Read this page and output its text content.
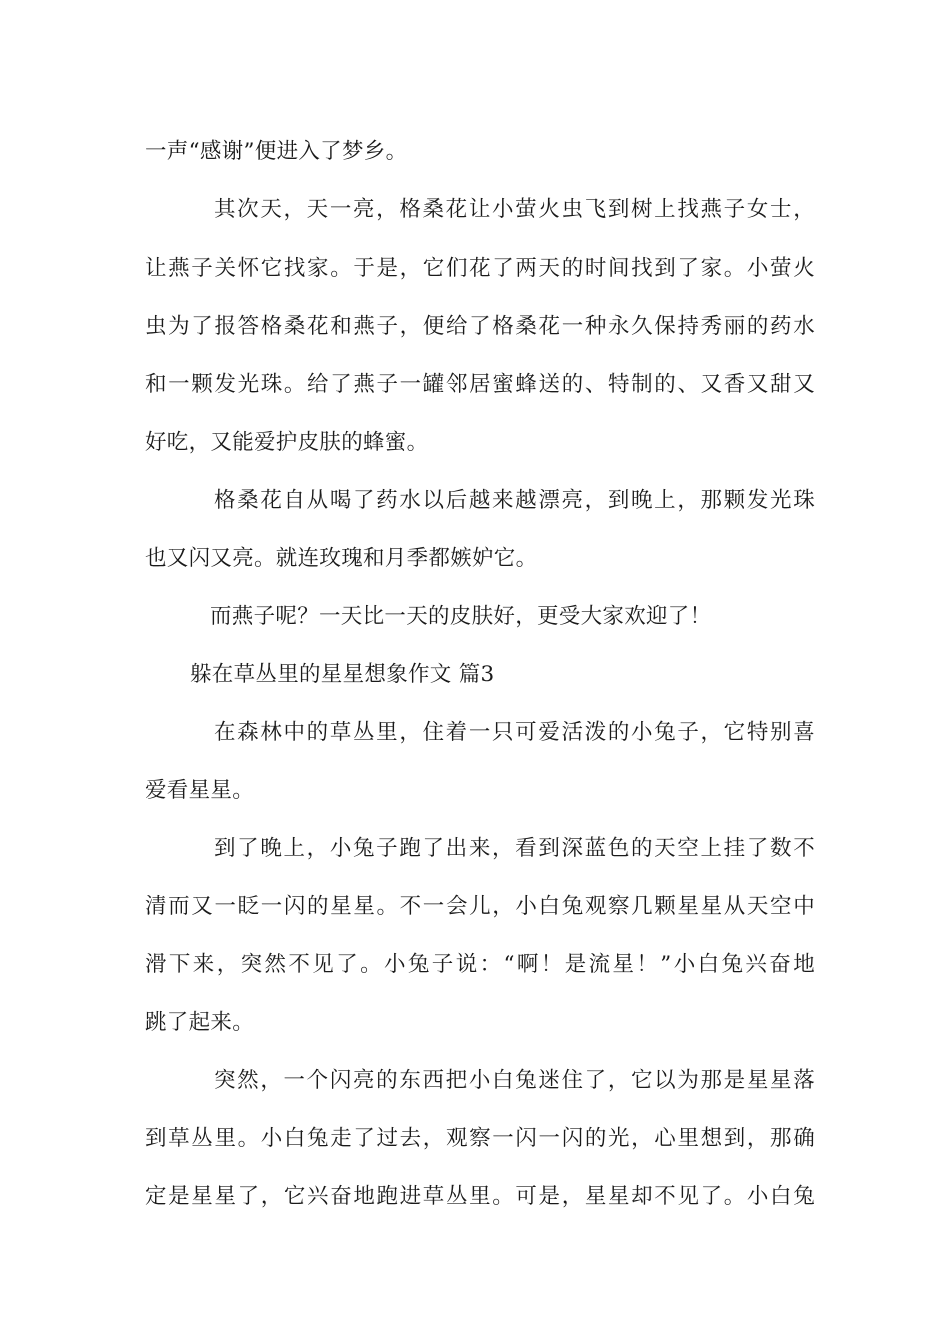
一声“感谢”便进入了梦乡。
其次天，天一亮，格桑花让小萤火虫飞到树上找燕子女士，
让燕子关怀它找家。于是，它们花了两天的时间找到了家。小萤火
虫为了报答格桑花和燕子，便给了格桑花一种永久保持秀丽的药水
和一颗发光珠。给了燕子一罐邻居蜜蜂送的、特制的、又香又甜又
好吃，又能爱护皮肤的蜂蜜。
格桑花自从喝了药水以后越来越漂亮，到晚上，那颗发光珠
也又闪又亮。就连玫瑰和月季都嫉妒它。
而燕子呢？一天比一天的皮肤好，更受大家欢迎了！
躲在草丛里的星星想象作文 篇3
在森林中的草丛里，住着一只可爱活泼的小兔子，它特别喜
爱看星星。
到了晚上，小兔子跑了出来，看到深蓝色的天空上挂了数不
清而又一眨一闪的星星。不一会儿，小白兔观察几颗星星从天空中
滑下来，突然不见了。小兔子说：“啊！是流星！”小白兔兴奋地
跳了起来。
突然，一个闪亮的东西把小白兔迷住了，它以为那是星星落
到草丛里。小白兔走了过去，观察一闪一闪的光，心里想到，那确
定是星星了，它兴奋地跑进草丛里。可是，星星却不见了。小白兔
